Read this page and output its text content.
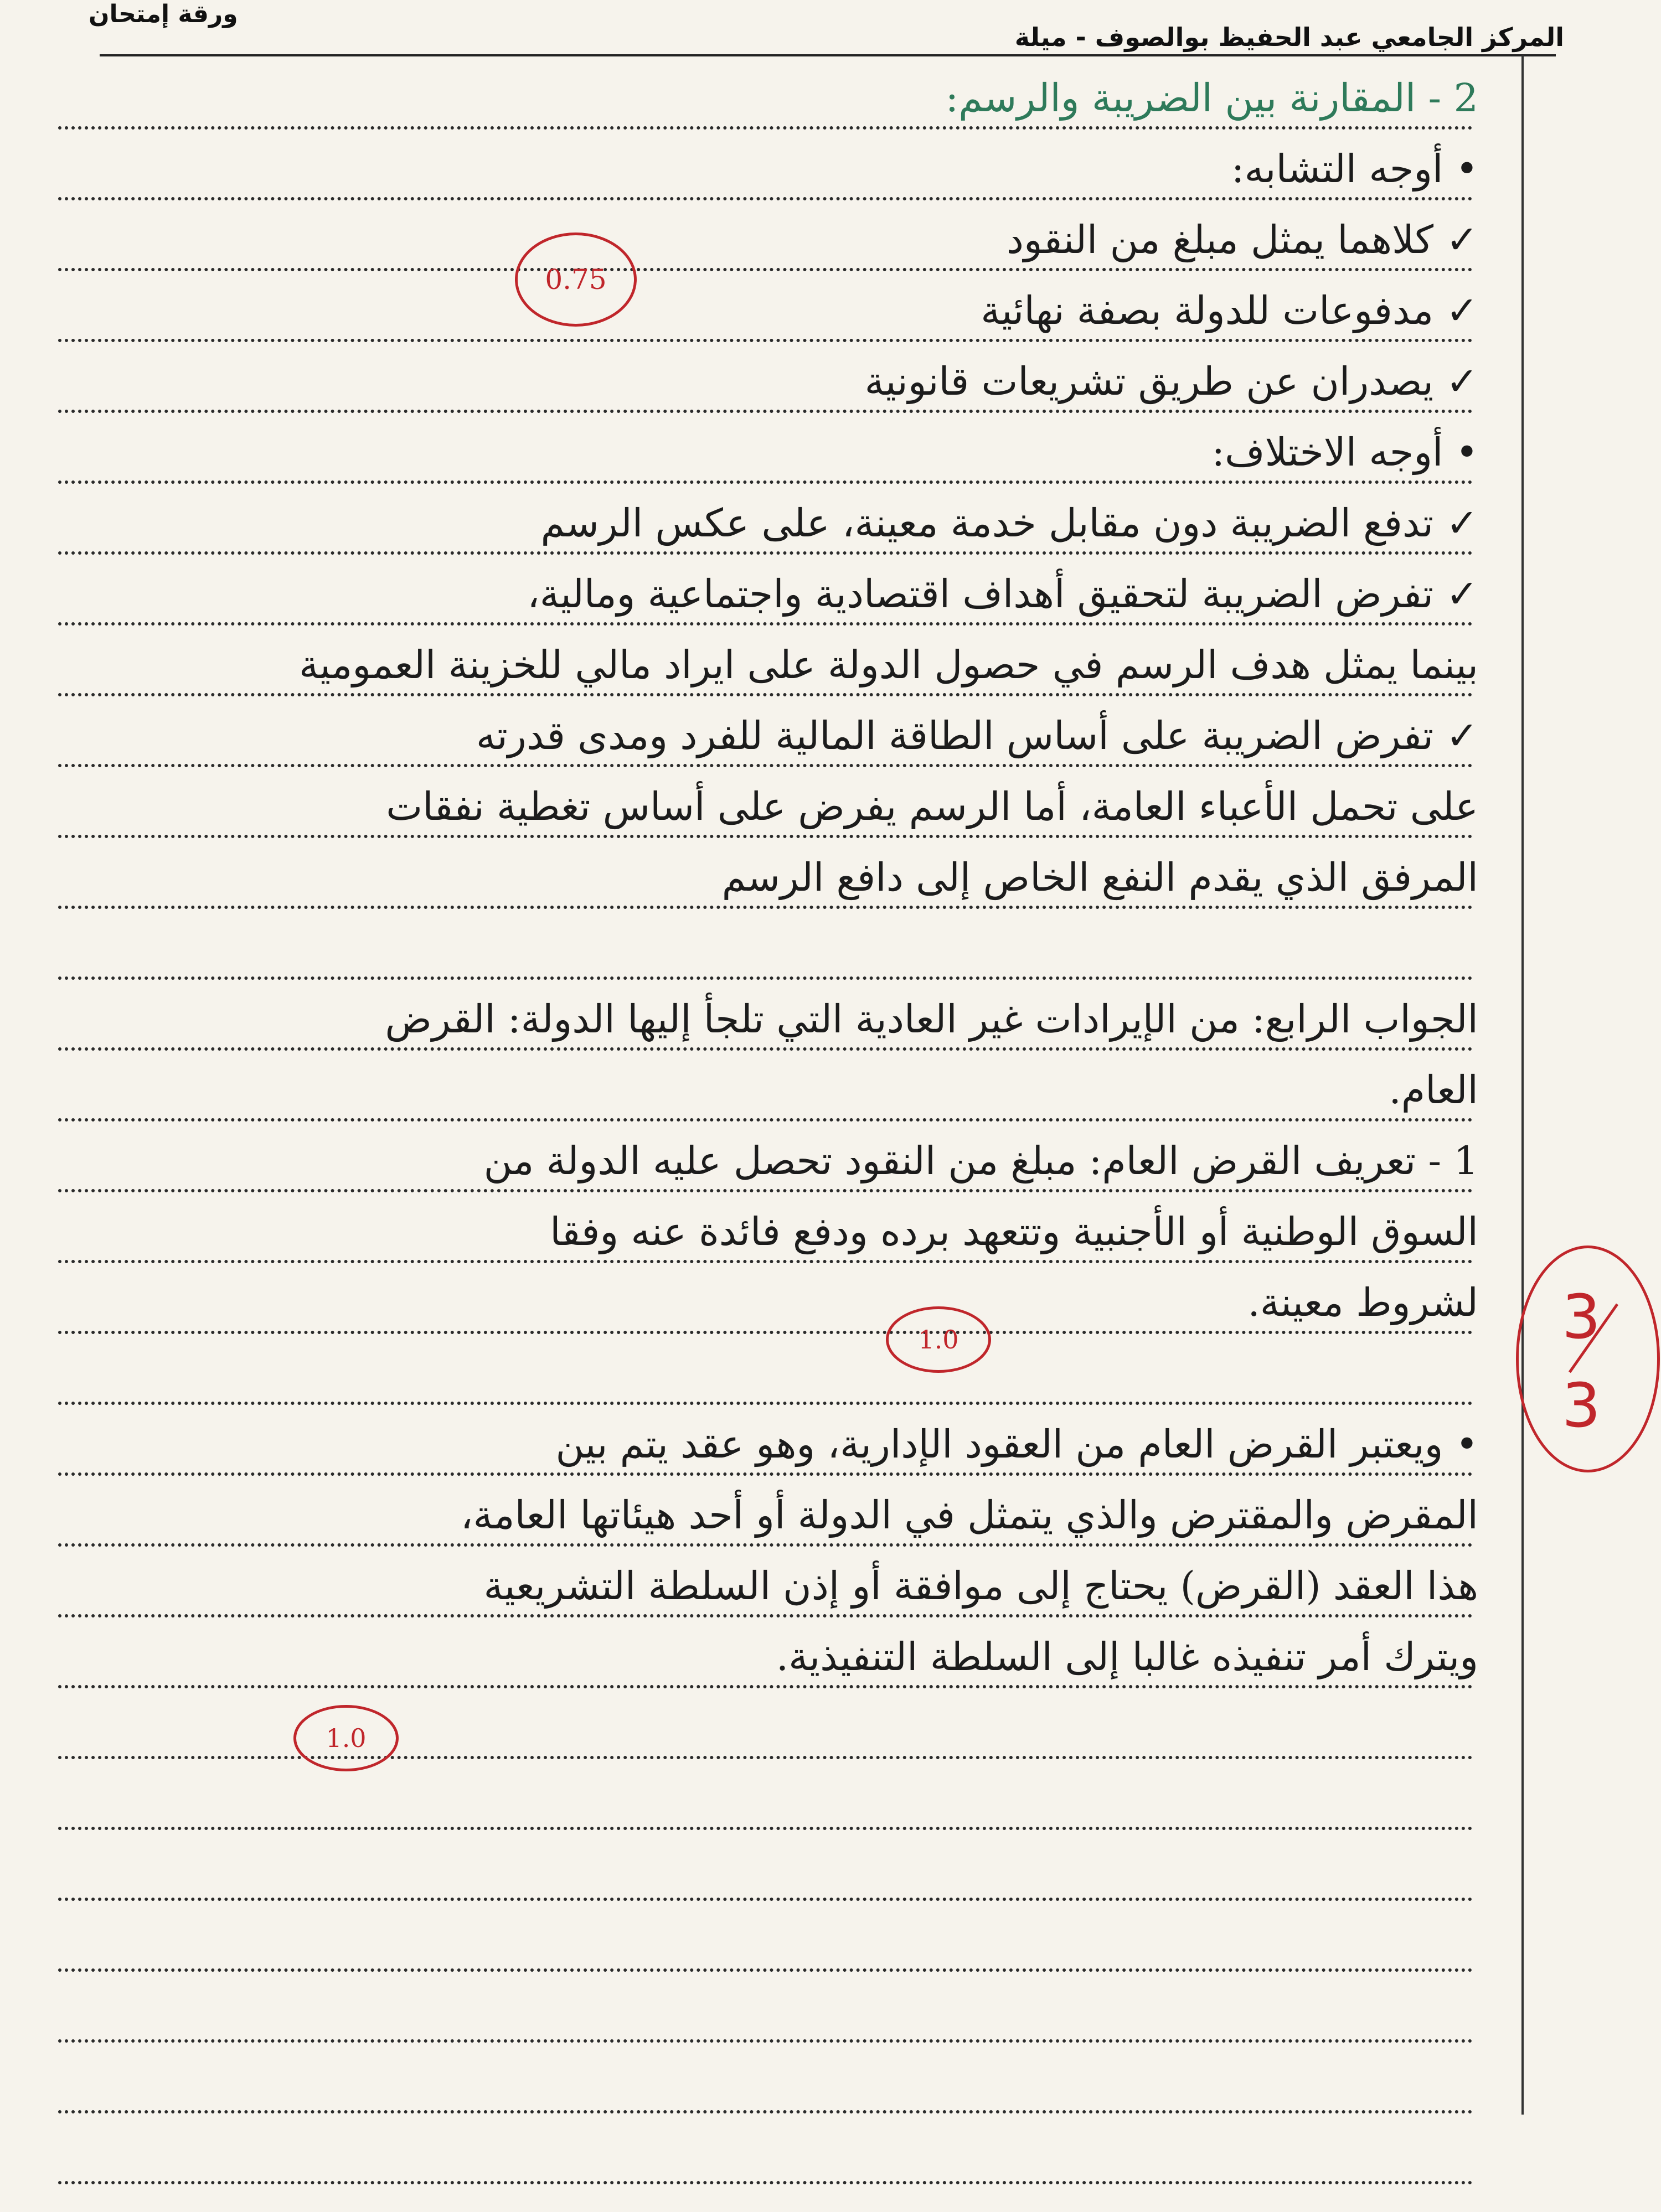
ورقة إمتحان
المركز الجامعي عبد الحفيظ بوالصوف - ميلة
2 - المقارنة بين الضريبة والرسم:
• أوجه التشابه:
✓ كلاهما يمثل مبلغ من النقود
✓ مدفوعات للدولة بصفة نهائية
✓ يصدران عن طريق تشريعات قانونية
• أوجه الاختلاف:
✓ تدفع الضريبة دون مقابل خدمة معينة، على عكس الرسم
✓ تفرض الضريبة لتحقيق أهداف اقتصادية واجتماعية ومالية،
بينما يمثل هدف الرسم في حصول الدولة على ايراد مالي للخزينة العمومية
✓ تفرض الضريبة على أساس الطاقة المالية للفرد ومدى قدرته
على تحمل الأعباء العامة، أما الرسم يفرض على أساس تغطية نفقات
المرفق الذي يقدم النفع الخاص إلى دافع الرسم
الجواب الرابع: من الإيرادات غير العادية التي تلجأ إليها الدولة: القرض
العام.
1 - تعريف القرض العام: مبلغ من النقود تحصل عليه الدولة من
السوق الوطنية أو الأجنبية وتتعهد برده ودفع فائدة عنه وفقا
لشروط معينة.
• ويعتبر القرض العام من العقود الإدارية، وهو عقد يتم بين
المقرض والمقترض والذي يتمثل في الدولة أو أحد هيئاتها العامة،
هذا العقد (القرض) يحتاج إلى موافقة أو إذن السلطة التشريعية
ويترك أمر تنفيذه غالبا إلى السلطة التنفيذية.
0.75
1.0
1.0
3
3
